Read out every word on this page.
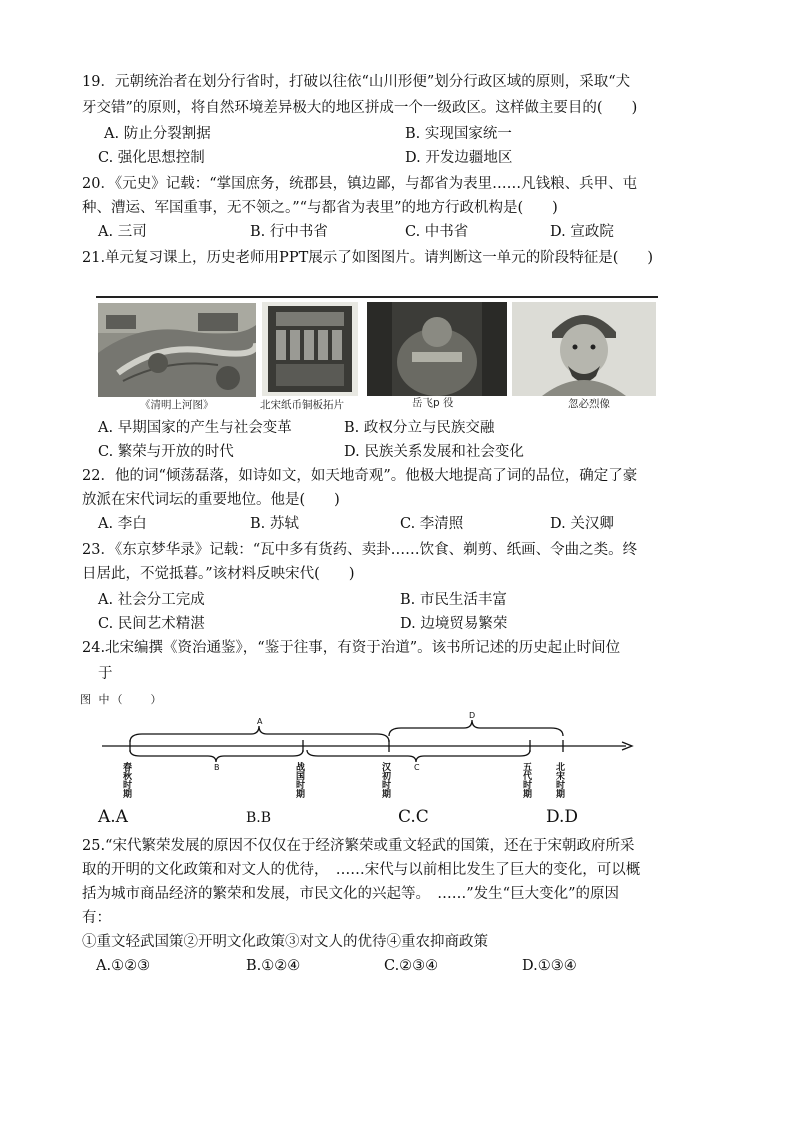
19．元朝统治者在划分行省时，打破以往依“山川形便”划分行政区域的原则，采取“犬
牙交错”的原则，将自然环境差异极大的地区拼成一个一级政区。这样做主要目的(　　)
A. 防止分裂割据	B. 实现国家统一
C. 强化思想控制	D. 开发边疆地区
20．《元史》记载：“掌国庶务，统郡县，镇边鄙，与都省为表里……凡钱粮、兵甲、屯
种、漕运、军国重事，无不领之。”“与都省为表里”的地方行政机构是(　　)
A. 三司	B. 行中书省	C. 中书省	D. 宣政院
21.单元复习课上，历史老师用PPT展示了如图图片。请判断这一单元的阶段特征是(　　)
《清明上河图》	北宋纸币铜板拓片	岳飞p 役	忽必烈像
A. 早期国家的产生与社会变革	B. 政权分立与民族交融
C. 繁荣与开放的时代	D. 民族关系发展和社会变化
22．他的词“倾荡磊落，如诗如文，如天地奇观”。他极大地提高了词的品位，确定了豪
放派在宋代词坛的重要地位。他是(　　)
A. 李白	B. 苏轼	C. 李清照	D. 关汉卿
23．《东京梦华录》记载：“瓦中多有货药、卖卦……饮食、剃剪、纸画、令曲之类。终
日居此，不觉抵暮。”该材料反映宋代(　　)
A. 社会分工完成	B. 市民生活丰富
C. 民间艺术精湛	D. 边境贸易繁荣
24.北宋编撰《资治通鉴》，“鉴于往事，有资于治道”。该书所记述的历史起止时间位
于
图 中（　　）
A
B	C
D
春秋时期	战国时期	汉初时期	五代时期	北宋时期
A.A	B.B	C.C	D.D
25.“宋代繁荣发展的原因不仅仅在于经济繁荣或重文轻武的国策，还在于宋朝政府所采
取的开明的文化政策和对文人的优待，　……宋代与以前相比发生了巨大的变化，可以概
括为城市商品经济的繁荣和发展，市民文化的兴起等。　……”发生“巨大变化”的原因
有：
①重文轻武国策②开明文化政策③对文人的优待④重农抑商政策
A.①②③	B.①②④	C.②③④	D.①③④
